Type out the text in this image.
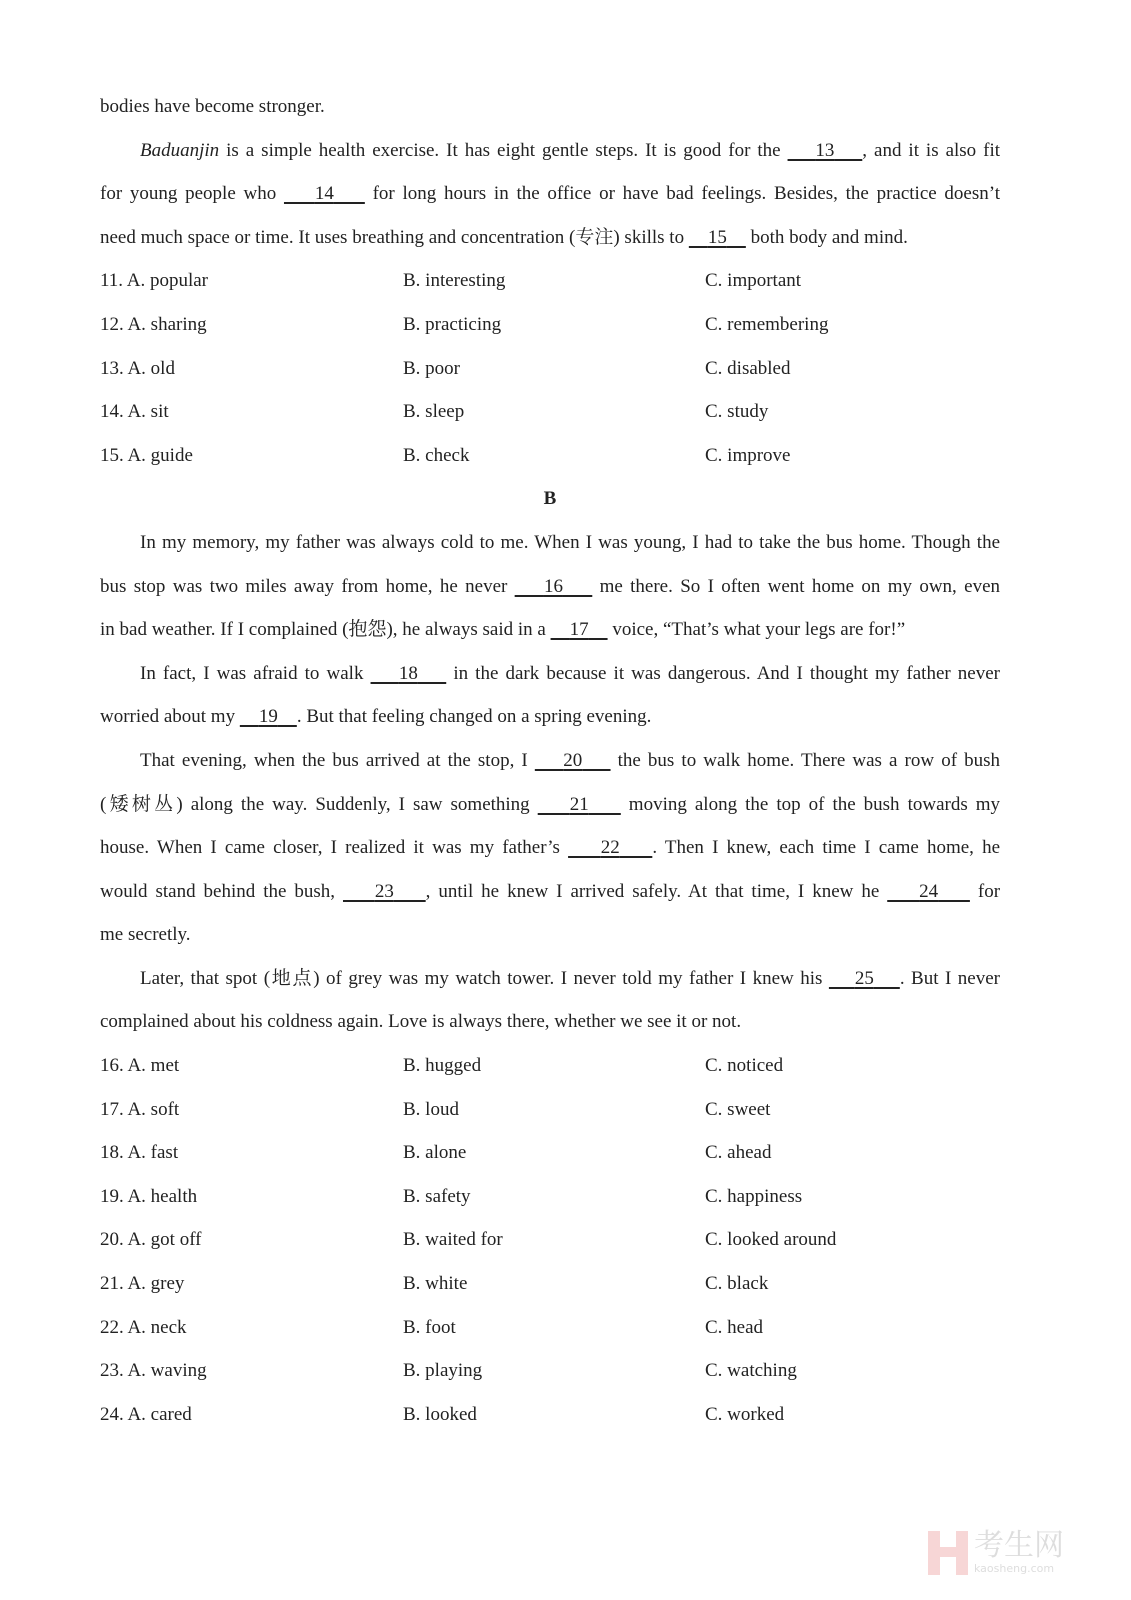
bodies have become stronger.
Baduanjin is a simple health exercise. It has eight gentle steps. It is good for the     13 , and it is also fit
for young people who     14     for long hours in the office or have bad feelings. Besides, the practice doesn’t
need much space or time. It uses breathing and concentration (专注) skills to     15     both body and mind.
11. A. popular	B. interesting	C. important
12. A. sharing	B. practicing	C. remembering
13. A. old	B. poor	C. disabled
14. A. sit	B. sleep	C. study
15. A. guide	B. check	C. improve
B
In my memory, my father was always cold to me. When I was young, I had to take the bus home. Though the
bus stop was two miles away from home, he never     16     me there. So I often went home on my own, even
in bad weather. If I complained (抱怨), he always said in a     17     voice, “That’s what your legs are for!”
In fact, I was afraid to walk     18     in the dark because it was dangerous. And I thought my father never
worried about my     19 . But that feeling changed on a spring evening.
That evening, when the bus arrived at the stop, I     20     the bus to walk home. There was a row of bush
(矮树丛) along the way. Suddenly, I saw something     21     moving along the top of the bush towards my
house. When I came closer, I realized it was my father’s     22 . Then I knew, each time I came home, he
would stand behind the bush,     23 , until he knew I arrived safely. At that time, I knew he     24     for
me secretly.
Later, that spot (地点) of grey was my watch tower. I never told my father I knew his     25 . But I never
complained about his coldness again. Love is always there, whether we see it or not.
16. A. met	B. hugged	C. noticed
17. A. soft	B. loud	C. sweet
18. A. fast	B. alone	C. ahead
19. A. health	B. safety	C. happiness
20. A. got off	B. waited for	C. looked around
21. A. grey	B. white	C. black
22. A. neck	B. foot	C. head
23. A. waving	B. playing	C. watching
24. A. cared	B. looked	C. worked
考生网
kaosheng.com
